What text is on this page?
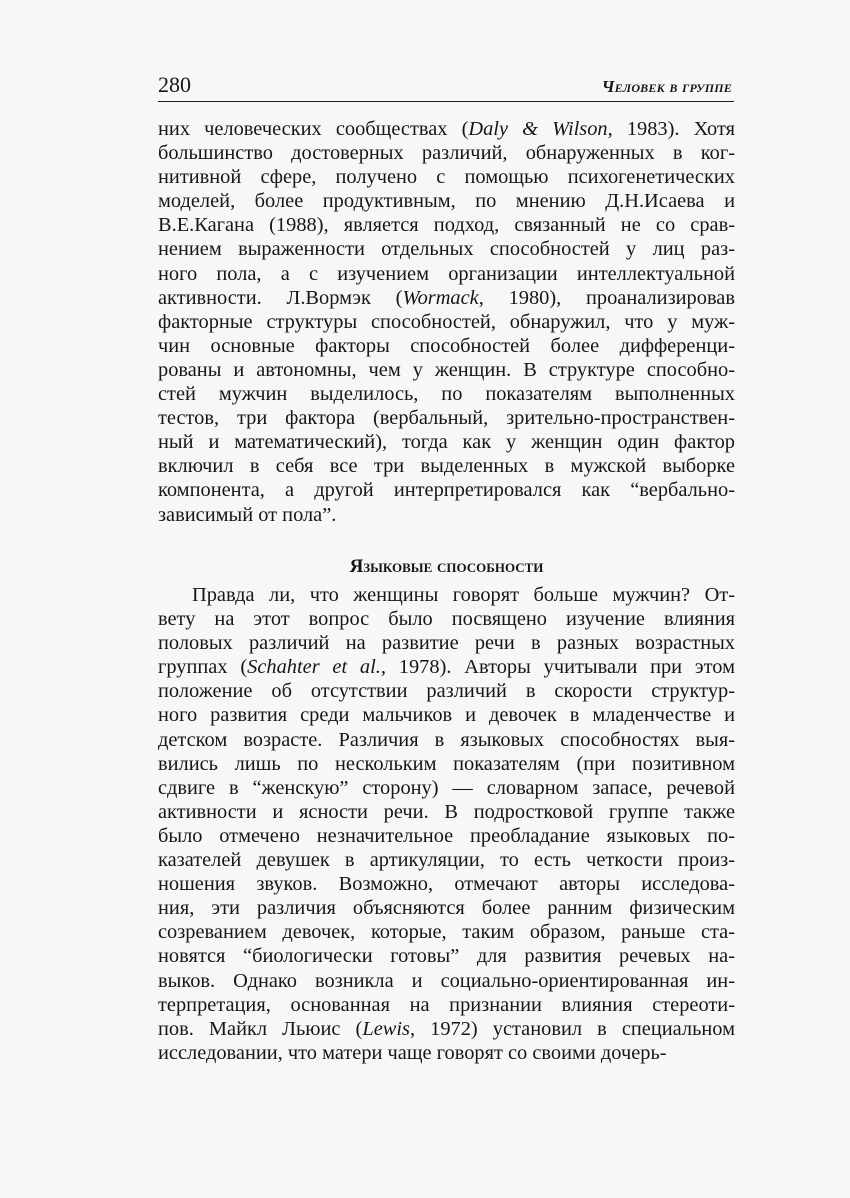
280	Человек в группе
них человеческих сообществах (Daly & Wilson, 1983). Хотя
большинство достоверных различий, обнаруженных в ког-
нитивной сфере, получено с помощью психогенетических
моделей, более продуктивным, по мнению Д.Н.Исаева и
В.Е.Кагана (1988), является подход, связанный не со срав-
нением выраженности отдельных способностей у лиц раз-
ного пола, а с изучением организации интеллектуальной
активности. Л.Вормэк (Wormack, 1980), проанализировав
факторные структуры способностей, обнаружил, что у муж-
чин основные факторы способностей более дифференци-
рованы и автономны, чем у женщин. В структуре способно-
стей мужчин выделилось, по показателям выполненных
тестов, три фактора (вербальный, зрительно-пространствен-
ный и математический), тогда как у женщин один фактор
включил в себя все три выделенных в мужской выборке
компонента, а другой интерпретировался как “вербально-
зависимый от пола”.
Языковые способности
Правда ли, что женщины говорят больше мужчин? От-
вету на этот вопрос было посвящено изучение влияния
половых различий на развитие речи в разных возрастных
группах (Schahter et al., 1978). Авторы учитывали при этом
положение об отсутствии различий в скорости структур-
ного развития среди мальчиков и девочек в младенчестве и
детском возрасте. Различия в языковых способностях выя-
вились лишь по нескольким показателям (при позитивном
сдвиге в “женскую” сторону) — словарном запасе, речевой
активности и ясности речи. В подростковой группе также
было отмечено незначительное преобладание языковых по-
казателей девушек в артикуляции, то есть четкости произ-
ношения звуков. Возможно, отмечают авторы исследова-
ния, эти различия объясняются более ранним физическим
созреванием девочек, которые, таким образом, раньше ста-
новятся “биологически готовы” для развития речевых на-
выков. Однако возникла и социально-ориентированная ин-
терпретация, основанная на признании влияния стереоти-
пов. Майкл Льюис (Lewis, 1972) установил в специальном
исследовании, что матери чаще говорят со своими дочерь-
